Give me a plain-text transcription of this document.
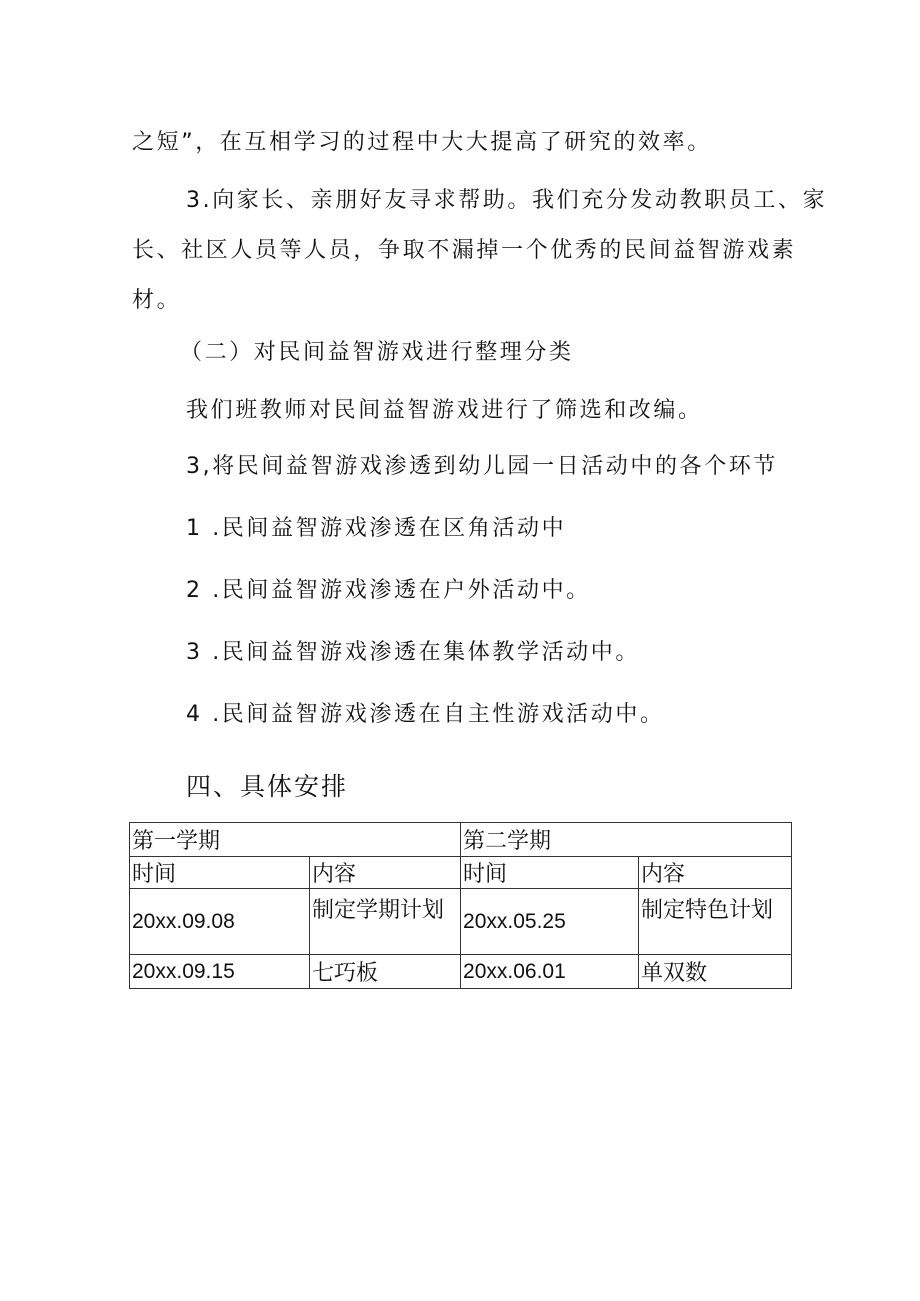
之短”，在互相学习的过程中大大提高了研究的效率。
3.向家长、亲朋好友寻求帮助。我们充分发动教职员工、家
长、社区人员等人员，争取不漏掉一个优秀的民间益智游戏素
材。
（二）对民间益智游戏进行整理分类
我们班教师对民间益智游戏进行了筛选和改编。
3,将民间益智游戏渗透到幼儿园一日活动中的各个环节
1 .民间益智游戏渗透在区角活动中
2 .民间益智游戏渗透在户外活动中。
3 .民间益智游戏渗透在集体教学活动中。
4 .民间益智游戏渗透在自主性游戏活动中。
四、具体安排
第一学期		第二学期	
时间	内容	时间	内容
20xx.09.08	制定学期计划	20xx.05.25	制定特色计划
20xx.09.15	七巧板	20xx.06.01	单双数
